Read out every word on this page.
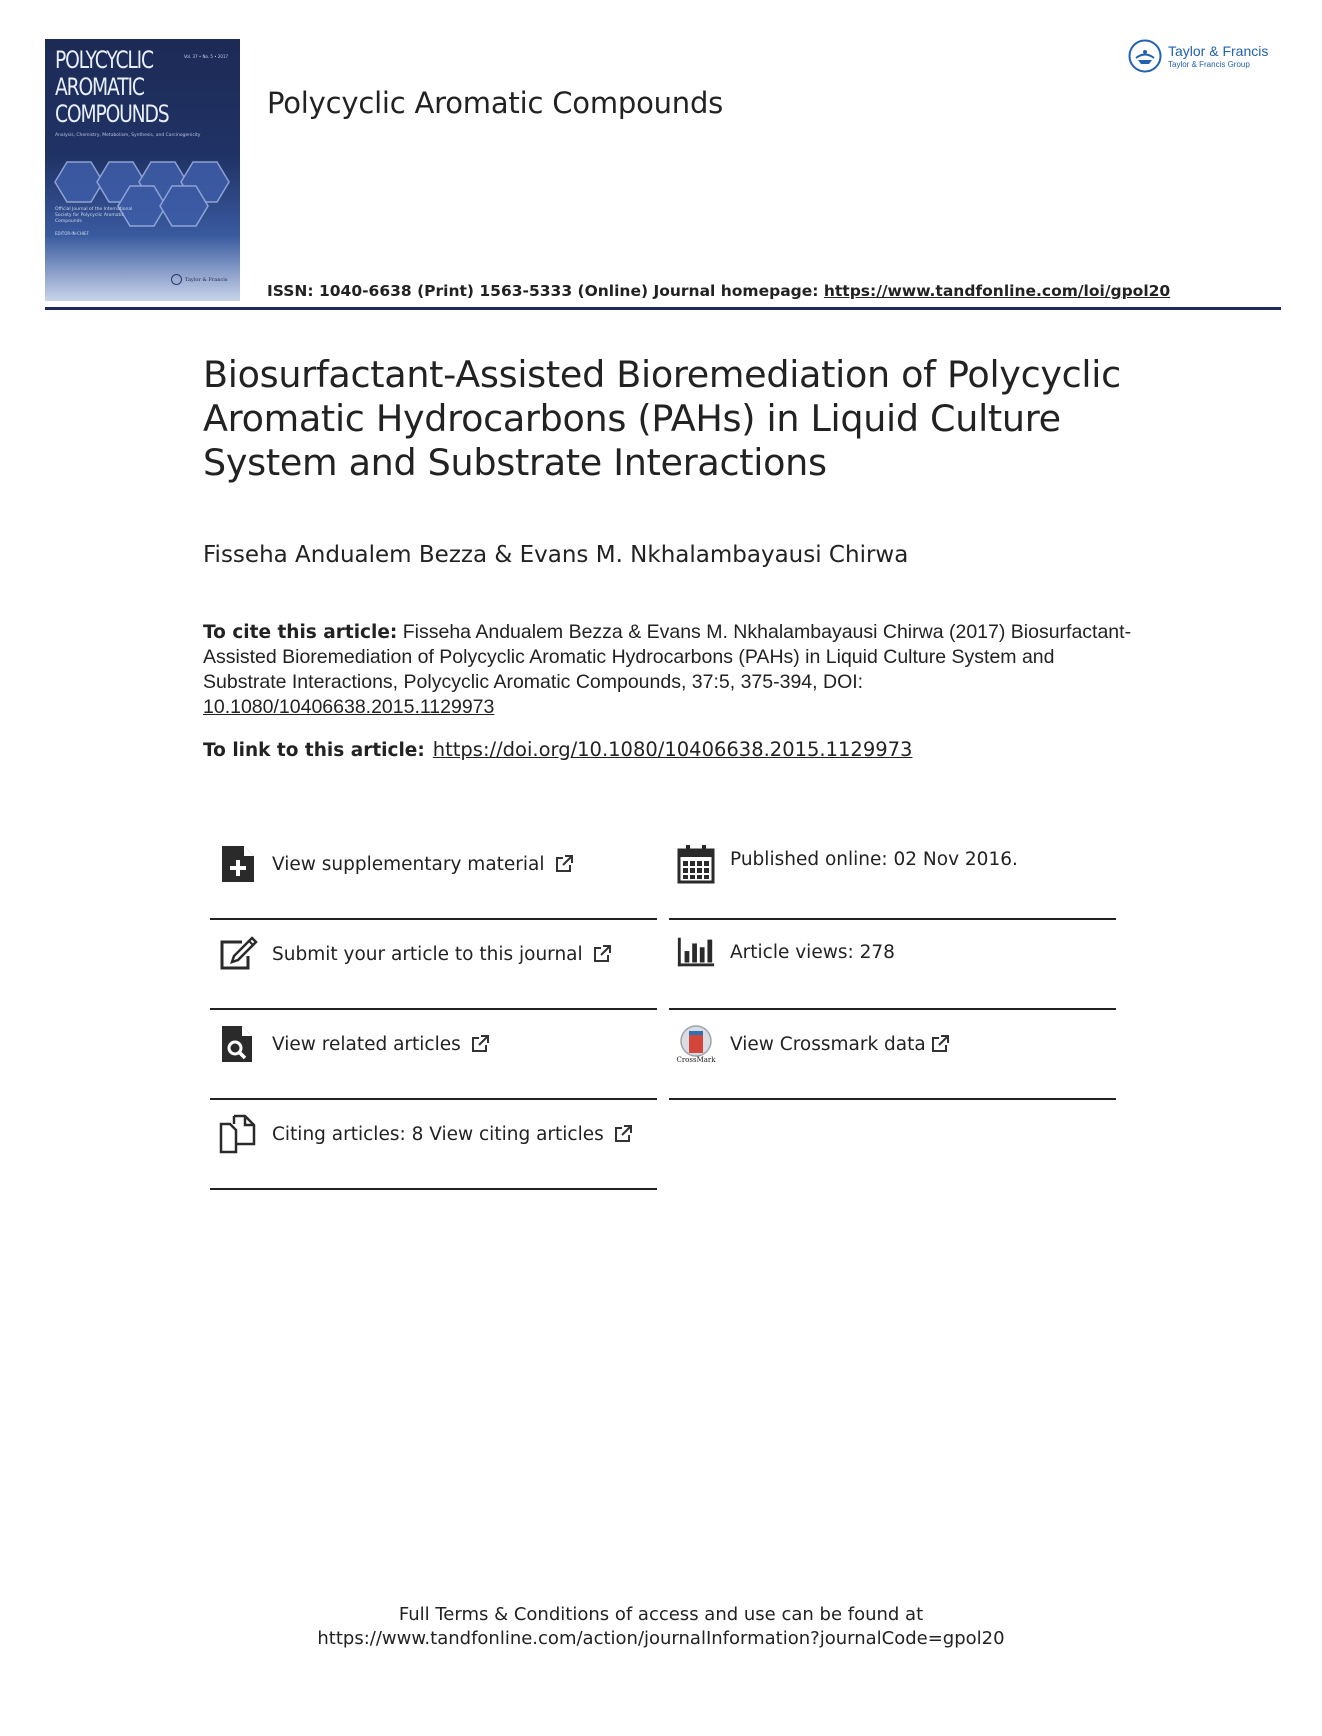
POLYCYCLIC
AROMATIC
COMPOUNDS
Vol. 37 • No. 5 • 2017
Analysis, Chemistry, Metabolism, Synthesis, and Carcinogenicity
Official Journal of the International Society for Polycyclic Aromatic Compounds
EDITOR-IN-CHIEF
Taylor & Francis
Polycyclic Aromatic Compounds
Taylor & Francis
Taylor & Francis Group
ISSN: 1040-6638 (Print) 1563-5333 (Online) Journal homepage: https://www.tandfonline.com/loi/gpol20
Biosurfactant-Assisted Bioremediation of Polycyclic Aromatic Hydrocarbons (PAHs) in Liquid Culture System and Substrate Interactions
Fisseha Andualem Bezza & Evans M. Nkhalambayausi Chirwa
To cite this article: Fisseha Andualem Bezza & Evans M. Nkhalambayausi Chirwa (2017) Biosurfactant-Assisted Bioremediation of Polycyclic Aromatic Hydrocarbons (PAHs) in Liquid Culture System and Substrate Interactions, Polycyclic Aromatic Compounds, 37:5, 375-394, DOI: 10.1080/10406638.2015.1129973
To link to this article: https://doi.org/10.1080/10406638.2015.1129973
View supplementary material	Published online: 02 Nov 2016.
Submit your article to this journal	Article views: 278
View related articles
CrossMark
View Crossmark data
Citing articles: 8 View citing articles
Full Terms & Conditions of access and use can be found at
https://www.tandfonline.com/action/journalInformation?journalCode=gpol20
